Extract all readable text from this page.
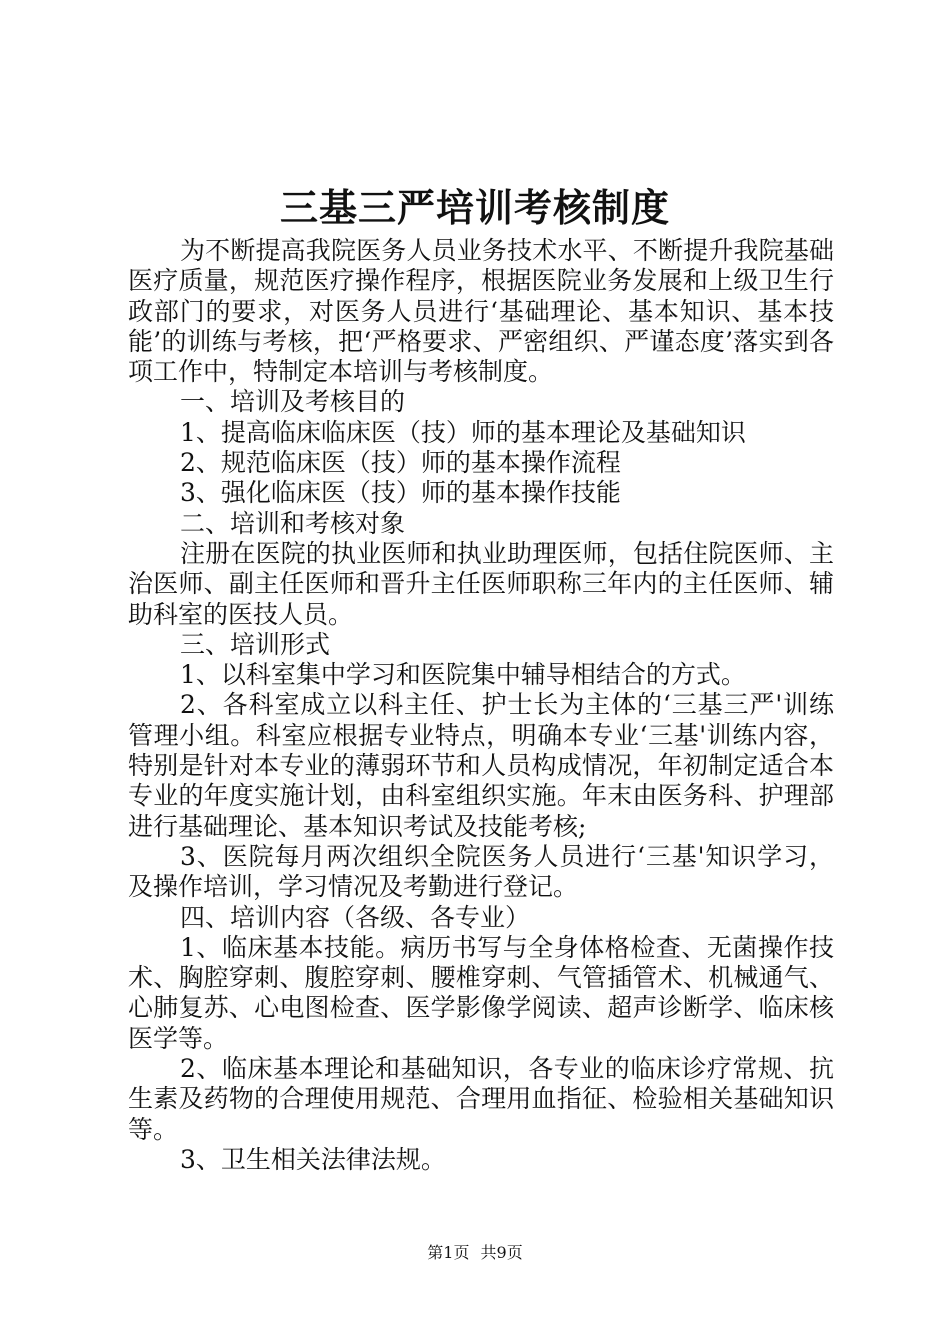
三基三严培训考核制度

为不断提高我院医务人员业务技术水平、不断提升我院基础医疗质量，规范医疗操作程序，根据医院业务发展和上级卫生行政部门的要求，对医务人员进行‘基础理论、基本知识、基本技能’的训练与考核，把‘严格要求、严密组织、严谨态度’落实到各项工作中，特制定本培训与考核制度。

一、培训及考核目的

1、提高临床临床医（技）师的基本理论及基础知识

2、规范临床医（技）师的基本操作流程

3、强化临床医（技）师的基本操作技能

二、培训和考核对象

注册在医院的执业医师和执业助理医师，包括住院医师、主治医师、副主任医师和晋升主任医师职称三年内的主任医师、辅助科室的医技人员。

三、培训形式

1、以科室集中学习和医院集中辅导相结合的方式。

2、各科室成立以科主任、护士长为主体的‘三基三严'训练管理小组。科室应根据专业特点，明确本专业‘三基'训练内容，特别是针对本专业的薄弱环节和人员构成情况，年初制定适合本专业的年度实施计划，由科室组织实施。年末由医务科、护理部进行基础理论、基本知识考试及技能考核;

3、医院每月两次组织全院医务人员进行‘三基'知识学习，及操作培训，学习情况及考勤进行登记。

四、培训内容（各级、各专业）

1、临床基本技能。病历书写与全身体格检查、无菌操作技术、胸腔穿刺、腹腔穿刺、腰椎穿刺、气管插管术、机械通气、心肺复苏、心电图检查、医学影像学阅读、超声诊断学、临床核医学等。

2、临床基本理论和基础知识，各专业的临床诊疗常规、抗生素及药物的合理使用规范、合理用血指征、检验相关基础知识等。

3、卫生相关法律法规。

第1页 共9页
